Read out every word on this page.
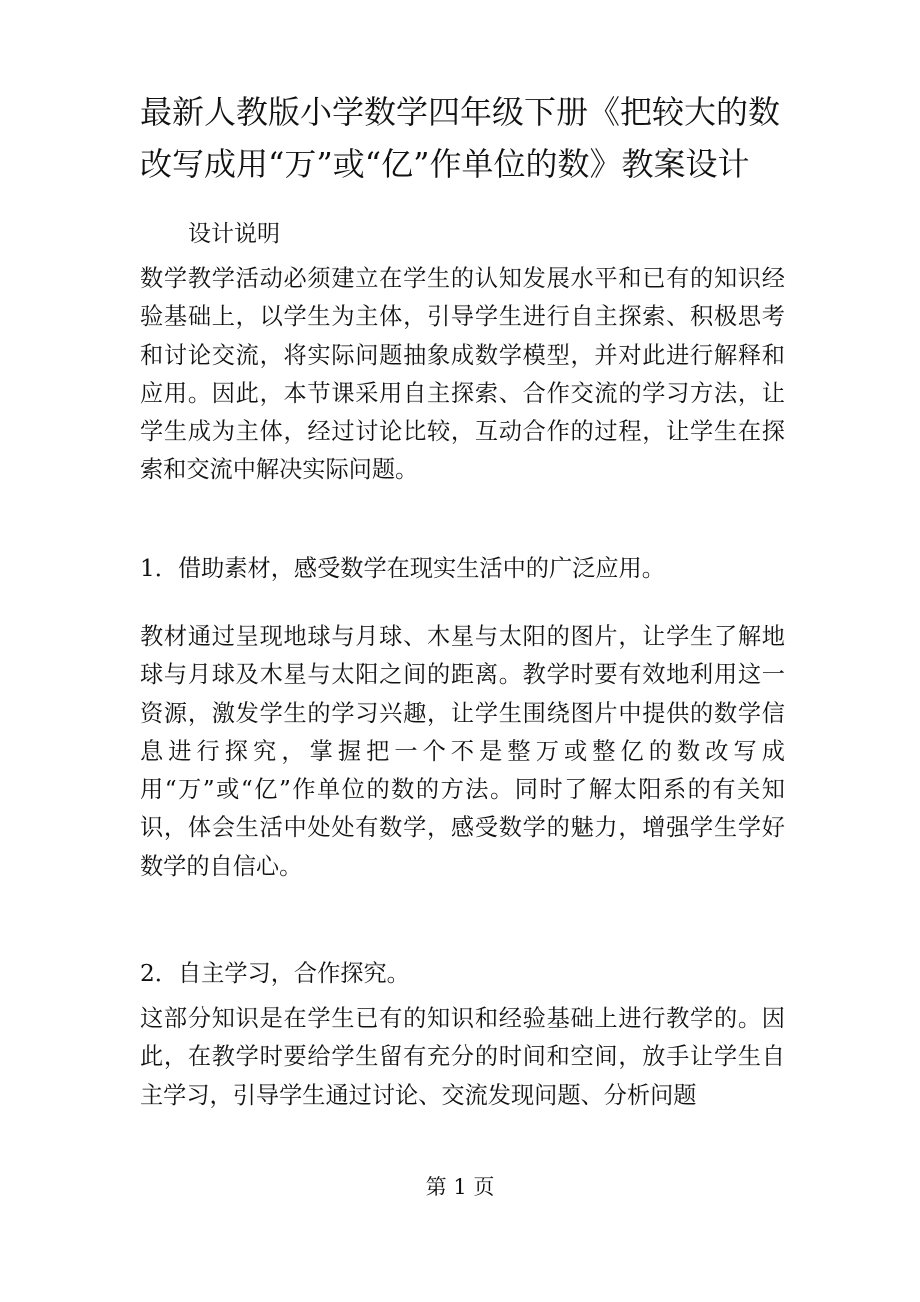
最新人教版小学数学四年级下册《把较大的数改写成用“万”或“亿”作单位的数》教案设计
设计说明

数学教学活动必须建立在学生的认知发展水平和已有的知识经验基础上，以学生为主体，引导学生进行自主探索、积极思考和讨论交流，将实际问题抽象成数学模型，并对此进行解释和应用。因此，本节课采用自主探索、合作交流的学习方法，让学生成为主体，经过讨论比较，互动合作的过程，让学生在探索和交流中解决实际问题。

1．借助素材，感受数学在现实生活中的广泛应用。

教材通过呈现地球与月球、木星与太阳的图片，让学生了解地球与月球及木星与太阳之间的距离。教学时要有效地利用这一资源，激发学生的学习兴趣，让学生围绕图片中提供的数学信息进行探究，掌握把一个不是整万或整亿的数改写成用“万”或“亿”作单位的数的方法。同时了解太阳系的有关知识，体会生活中处处有数学，感受数学的魅力，增强学生学好数学的自信心。

2．自主学习，合作探究。

这部分知识是在学生已有的知识和经验基础上进行教学的。因此，在教学时要给学生留有充分的时间和空间，放手让学生自主学习，引导学生通过讨论、交流发现问题、分析问题

第 1 页
